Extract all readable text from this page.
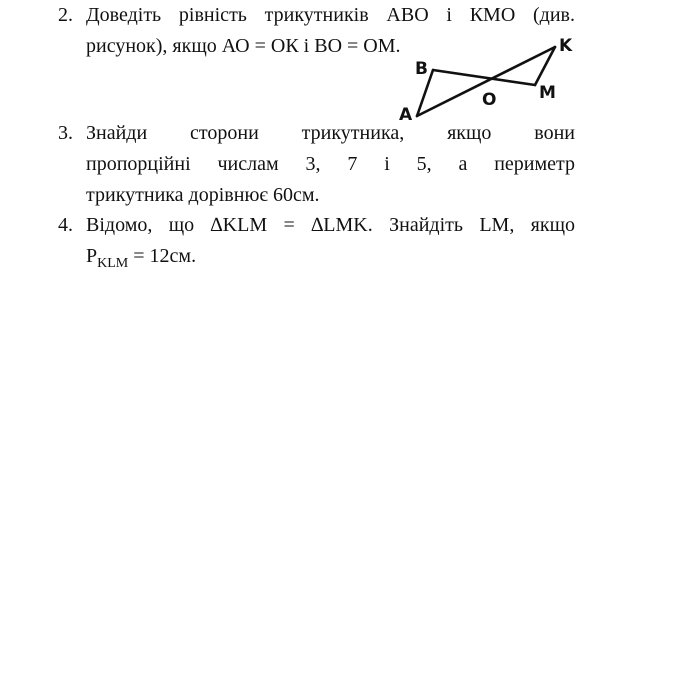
2. Доведіть рівність трикутників АВО і КМО (див.
рисунок), якщо АО = ОК і ВО = ОМ.
A
B
O	M
K
3. Знайди сторони трикутника, якщо вони
пропорційні числам 3, 7 і 5, а периметр
трикутника дорівнює 60см.
4. Відомо, що ∆KLM = ∆LMK. Знайдіть LM, якщо
$P_{KLM} = 12см$.
